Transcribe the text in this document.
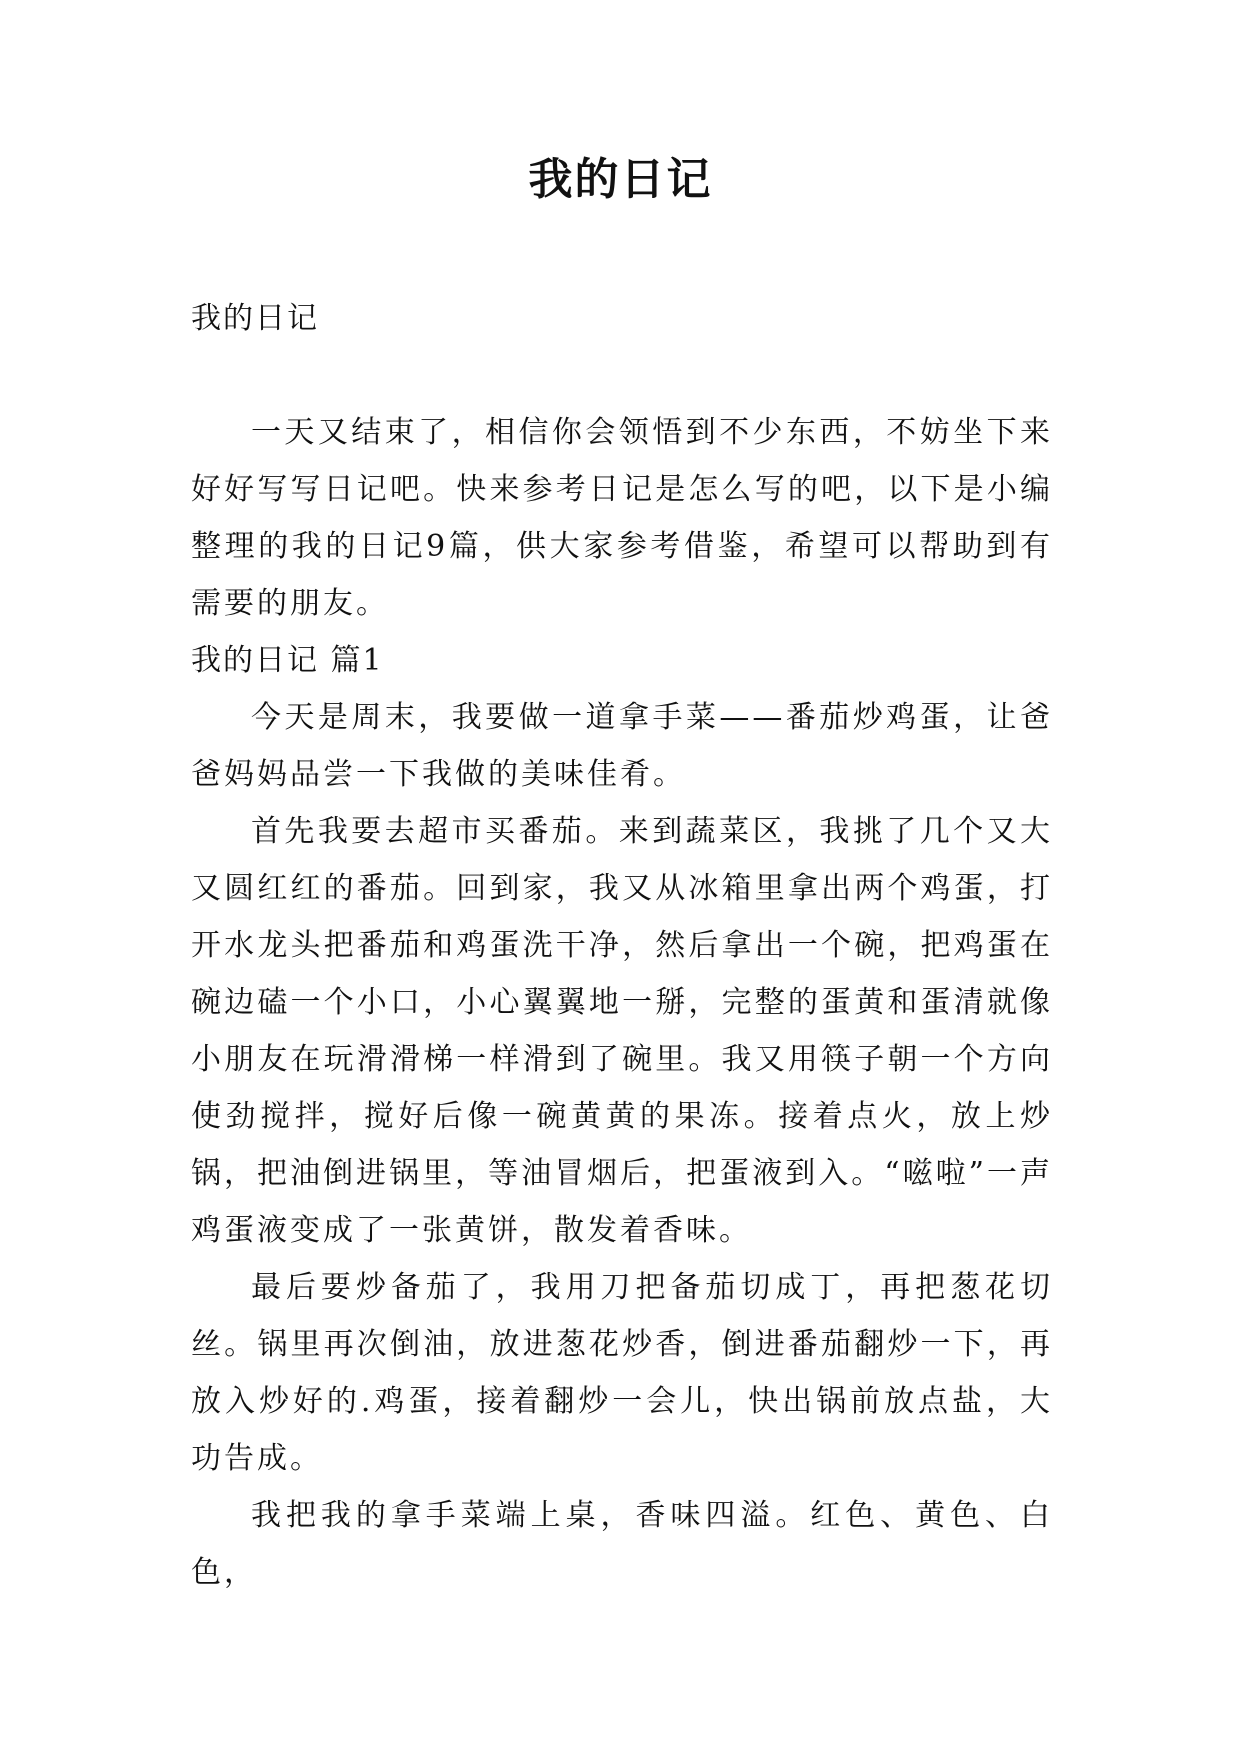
我的日记
我的日记

一天又结束了，相信你会领悟到不少东西，不妨坐下来好好写写日记吧。快来参考日记是怎么写的吧，以下是小编整理的我的日记9篇，供大家参考借鉴，希望可以帮助到有需要的朋友。

我的日记 篇1

今天是周末，我要做一道拿手菜——番茄炒鸡蛋，让爸爸妈妈品尝一下我做的美味佳肴。

首先我要去超市买番茄。来到蔬菜区，我挑了几个又大又圆红红的番茄。回到家，我又从冰箱里拿出两个鸡蛋，打开水龙头把番茄和鸡蛋洗干净，然后拿出一个碗，把鸡蛋在碗边磕一个小口，小心翼翼地一掰，完整的蛋黄和蛋清就像小朋友在玩滑滑梯一样滑到了碗里。我又用筷子朝一个方向使劲搅拌，搅好后像一碗黄黄的果冻。接着点火，放上炒锅，把油倒进锅里，等油冒烟后，把蛋液到入。“嗞啦”一声鸡蛋液变成了一张黄饼，散发着香味。

最后要炒备茄了，我用刀把备茄切成丁，再把葱花切丝。锅里再次倒油，放进葱花炒香，倒进番茄翻炒一下，再放入炒好的.鸡蛋，接着翻炒一会儿，快出锅前放点盐，大功告成。

我把我的拿手菜端上桌，香味四溢。红色、黄色、白色，
